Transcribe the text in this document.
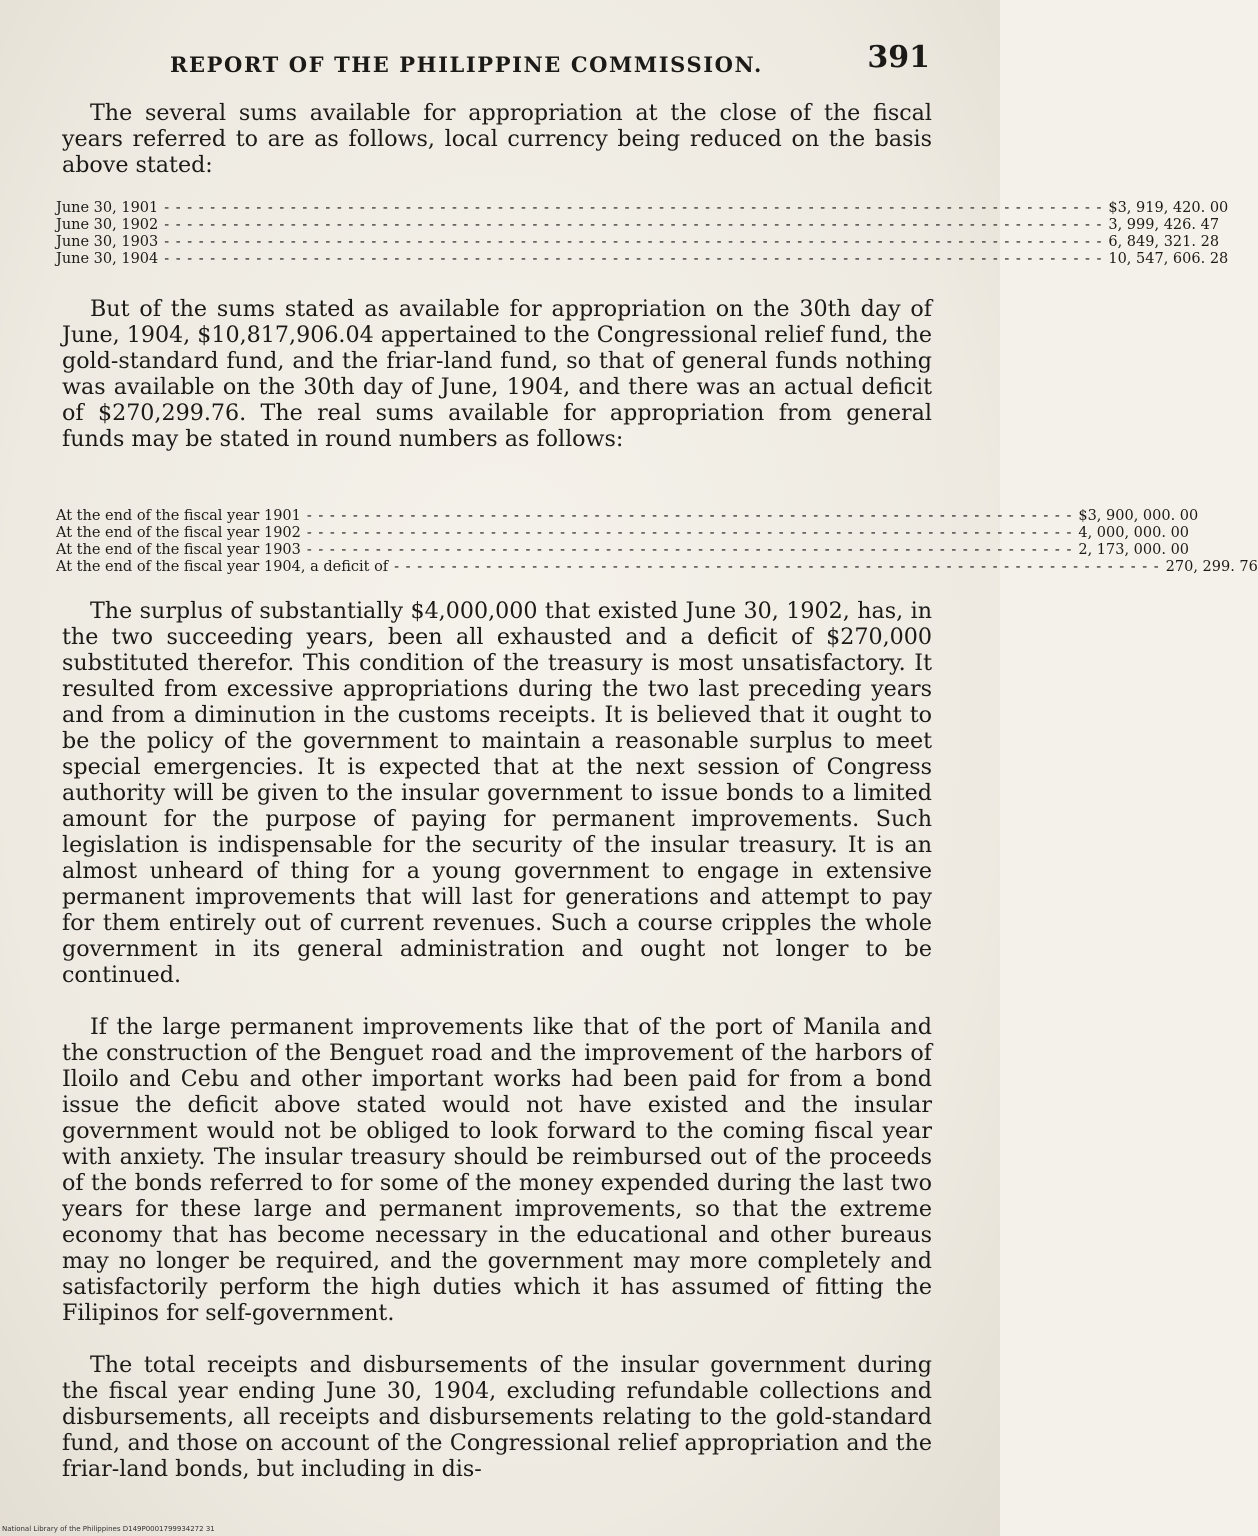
REPORT OF THE PHILIPPINE COMMISSION.	391

The several sums available for appropriation at the close of the fiscal years referred to are as follows, local currency being reduced on the basis above stated:

June 30, 1901 - - - - - - - - - - - - - - - - - - - - - - - - - - - - - - - - - - - - - - - - - - - - - - - - - - - - - - - - - - - - - - - - - - - - - - - - - - - - - - - - - - $3, 919, 420. 00
June 30, 1902 - - - - - - - - - - - - - - - - - - - - - - - - - - - - - - - - - - - - - - - - - - - - - - - - - - - - - - - - - - - - - - - - - - - - - - - - - - - - - - - - - - 3, 999, 426. 47
June 30, 1903 - - - - - - - - - - - - - - - - - - - - - - - - - - - - - - - - - - - - - - - - - - - - - - - - - - - - - - - - - - - - - - - - - - - - - - - - - - - - - - - - - - 6, 849, 321. 28
June 30, 1904 - - - - - - - - - - - - - - - - - - - - - - - - - - - - - - - - - - - - - - - - - - - - - - - - - - - - - - - - - - - - - - - - - - - - - - - - - - - - - - - - - - 10, 547, 606. 28

But of the sums stated as available for appropriation on the 30th day of June, 1904, $10,817,906.04 appertained to the Congressional relief fund, the gold-standard fund, and the friar-land fund, so that of general funds nothing was available on the 30th day of June, 1904, and there was an actual deficit of $270,299.76. The real sums available for appropriation from general funds may be stated in round numbers as follows:

At the end of the fiscal year 1901 - - - - - - - - - - - - - - - - - - - - - - - - - - - - - - - - - - - - - - - - - - - - - - - - - - - - - - - - - - - - - - - - - - - $3, 900, 000. 00
At the end of the fiscal year 1902 - - - - - - - - - - - - - - - - - - - - - - - - - - - - - - - - - - - - - - - - - - - - - - - - - - - - - - - - - - - - - - - - - - - 4, 000, 000. 00
At the end of the fiscal year 1903 - - - - - - - - - - - - - - - - - - - - - - - - - - - - - - - - - - - - - - - - - - - - - - - - - - - - - - - - - - - - - - - - - - - 2, 173, 000. 00
At the end of the fiscal year 1904, a deficit of - - - - - - - - - - - - - - - - - - - - - - - - - - - - - - - - - - - - - - - - - - - - - - - - - - - - - - - - - - - - - - - - - - - 270, 299. 76

The surplus of substantially $4,000,000 that existed June 30, 1902, has, in the two succeeding years, been all exhausted and a deficit of $270,000 substituted therefor. This condition of the treasury is most unsatisfactory. It resulted from excessive appropriations during the two last preceding years and from a diminution in the customs receipts. It is believed that it ought to be the policy of the government to maintain a reasonable surplus to meet special emergencies. It is expected that at the next session of Congress authority will be given to the insular government to issue bonds to a limited amount for the purpose of paying for permanent improvements. Such legislation is indispensable for the security of the insular treasury. It is an almost unheard of thing for a young government to engage in extensive permanent improvements that will last for generations and attempt to pay for them entirely out of current revenues. Such a course cripples the whole government in its general administration and ought not longer to be continued.

If the large permanent improvements like that of the port of Manila and the construction of the Benguet road and the improvement of the harbors of Iloilo and Cebu and other important works had been paid for from a bond issue the deficit above stated would not have existed and the insular government would not be obliged to look forward to the coming fiscal year with anxiety. The insular treasury should be reimbursed out of the proceeds of the bonds referred to for some of the money expended during the last two years for these large and permanent improvements, so that the extreme economy that has become necessary in the educational and other bureaus may no longer be required, and the government may more completely and satisfactorily perform the high duties which it has assumed of fitting the Filipinos for self-government.

The total receipts and disbursements of the insular government during the fiscal year ending June 30, 1904, excluding refundable collections and disbursements, all receipts and disbursements relating to the gold-standard fund, and those on account of the Congressional relief appropriation and the friar-land bonds, but including in dis-

National Library of the Philippines D149P0001799934272 31
